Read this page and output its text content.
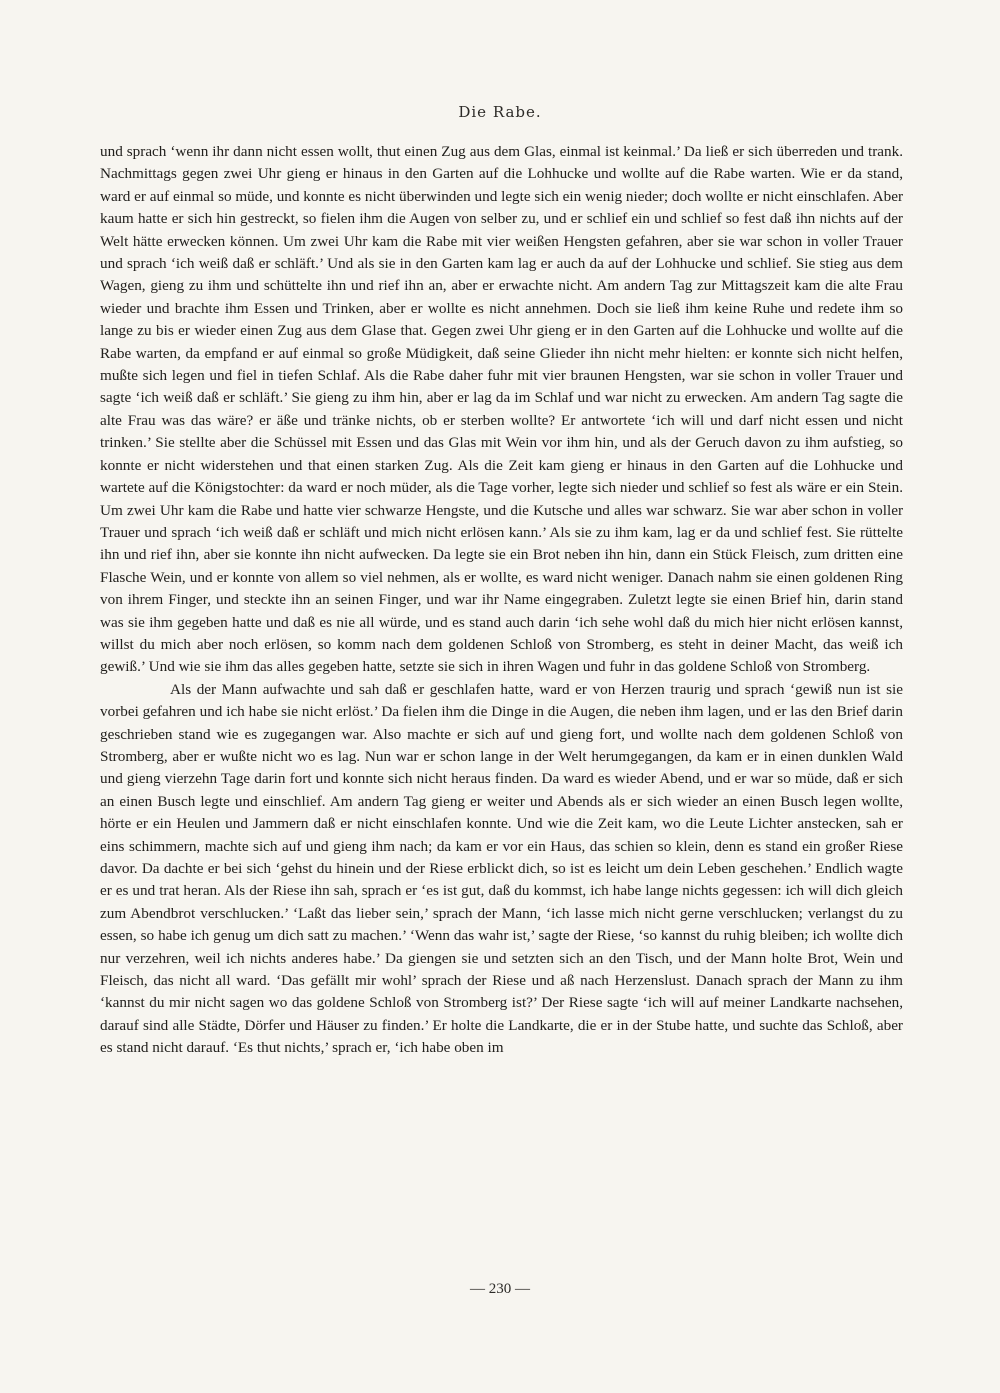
Die Rabe.

und sprach ‘wenn ihr dann nicht essen wollt, thut einen Zug aus dem Glas, einmal ist keinmal.’ Da ließ er sich überreden und trank. Nachmittags gegen zwei Uhr gieng er hinaus in den Garten auf die Lohhucke und wollte auf die Rabe warten. Wie er da stand, ward er auf einmal so müde, und konnte es nicht überwinden und legte sich ein wenig nieder; doch wollte er nicht einschlafen. Aber kaum hatte er sich hin gestreckt, so fielen ihm die Augen von selber zu, und er schlief ein und schlief so fest daß ihn nichts auf der Welt hätte erwecken können. Um zwei Uhr kam die Rabe mit vier weißen Hengsten gefahren, aber sie war schon in voller Trauer und sprach ‘ich weiß daß er schläft.’ Und als sie in den Garten kam lag er auch da auf der Lohhucke und schlief. Sie stieg aus dem Wagen, gieng zu ihm und schüttelte ihn und rief ihn an, aber er erwachte nicht. Am andern Tag zur Mittagszeit kam die alte Frau wieder und brachte ihm Essen und Trinken, aber er wollte es nicht annehmen. Doch sie ließ ihm keine Ruhe und redete ihm so lange zu bis er wieder einen Zug aus dem Glase that. Gegen zwei Uhr gieng er in den Garten auf die Lohhucke und wollte auf die Rabe warten, da empfand er auf einmal so große Müdigkeit, daß seine Glieder ihn nicht mehr hielten: er konnte sich nicht helfen, mußte sich legen und fiel in tiefen Schlaf. Als die Rabe daher fuhr mit vier braunen Hengsten, war sie schon in voller Trauer und sagte ‘ich weiß daß er schläft.’ Sie gieng zu ihm hin, aber er lag da im Schlaf und war nicht zu erwecken. Am andern Tag sagte die alte Frau was das wäre? er äße und tränke nichts, ob er sterben wollte? Er antwortete ‘ich will und darf nicht essen und nicht trinken.’ Sie stellte aber die Schüssel mit Essen und das Glas mit Wein vor ihm hin, und als der Geruch davon zu ihm aufstieg, so konnte er nicht widerstehen und that einen starken Zug. Als die Zeit kam gieng er hinaus in den Garten auf die Lohhucke und wartete auf die Königstochter: da ward er noch müder, als die Tage vorher, legte sich nieder und schlief so fest als wäre er ein Stein. Um zwei Uhr kam die Rabe und hatte vier schwarze Hengste, und die Kutsche und alles war schwarz. Sie war aber schon in voller Trauer und sprach ‘ich weiß daß er schläft und mich nicht erlösen kann.’ Als sie zu ihm kam, lag er da und schlief fest. Sie rüttelte ihn und rief ihn, aber sie konnte ihn nicht aufwecken. Da legte sie ein Brot neben ihn hin, dann ein Stück Fleisch, zum dritten eine Flasche Wein, und er konnte von allem so viel nehmen, als er wollte, es ward nicht weniger. Danach nahm sie einen goldenen Ring von ihrem Finger, und steckte ihn an seinen Finger, und war ihr Name eingegraben. Zuletzt legte sie einen Brief hin, darin stand was sie ihm gegeben hatte und daß es nie all würde, und es stand auch darin ‘ich sehe wohl daß du mich hier nicht erlösen kannst, willst du mich aber noch erlösen, so komm nach dem goldenen Schloß von Stromberg, es steht in deiner Macht, das weiß ich gewiß.’ Und wie sie ihm das alles gegeben hatte, setzte sie sich in ihren Wagen und fuhr in das goldene Schloß von Stromberg.

Als der Mann aufwachte und sah daß er geschlafen hatte, ward er von Herzen traurig und sprach ‘gewiß nun ist sie vorbei gefahren und ich habe sie nicht erlöst.’ Da fielen ihm die Dinge in die Augen, die neben ihm lagen, und er las den Brief darin geschrieben stand wie es zugegangen war. Also machte er sich auf und gieng fort, und wollte nach dem goldenen Schloß von Stromberg, aber er wußte nicht wo es lag. Nun war er schon lange in der Welt herumgegangen, da kam er in einen dunklen Wald und gieng vierzehn Tage darin fort und konnte sich nicht heraus finden. Da ward es wieder Abend, und er war so müde, daß er sich an einen Busch legte und einschlief. Am andern Tag gieng er weiter und Abends als er sich wieder an einen Busch legen wollte, hörte er ein Heulen und Jammern daß er nicht einschlafen konnte. Und wie die Zeit kam, wo die Leute Lichter anstecken, sah er eins schimmern, machte sich auf und gieng ihm nach; da kam er vor ein Haus, das schien so klein, denn es stand ein großer Riese davor. Da dachte er bei sich ‘gehst du hinein und der Riese erblickt dich, so ist es leicht um dein Leben geschehen.’ Endlich wagte er es und trat heran. Als der Riese ihn sah, sprach er ‘es ist gut, daß du kommst, ich habe lange nichts gegessen: ich will dich gleich zum Abendbrot verschlucken.’ ‘Laßt das lieber sein,’ sprach der Mann, ‘ich lasse mich nicht gerne verschlucken; verlangst du zu essen, so habe ich genug um dich satt zu machen.’ ‘Wenn das wahr ist,’ sagte der Riese, ‘so kannst du ruhig bleiben; ich wollte dich nur verzehren, weil ich nichts anderes habe.’ Da giengen sie und setzten sich an den Tisch, und der Mann holte Brot, Wein und Fleisch, das nicht all ward. ‘Das gefällt mir wohl’ sprach der Riese und aß nach Herzenslust. Danach sprach der Mann zu ihm ‘kannst du mir nicht sagen wo das goldene Schloß von Stromberg ist?’ Der Riese sagte ‘ich will auf meiner Landkarte nachsehen, darauf sind alle Städte, Dörfer und Häuser zu finden.’ Er holte die Landkarte, die er in der Stube hatte, und suchte das Schloß, aber es stand nicht darauf. ‘Es thut nichts,’ sprach er, ‘ich habe oben im

— 230 —
